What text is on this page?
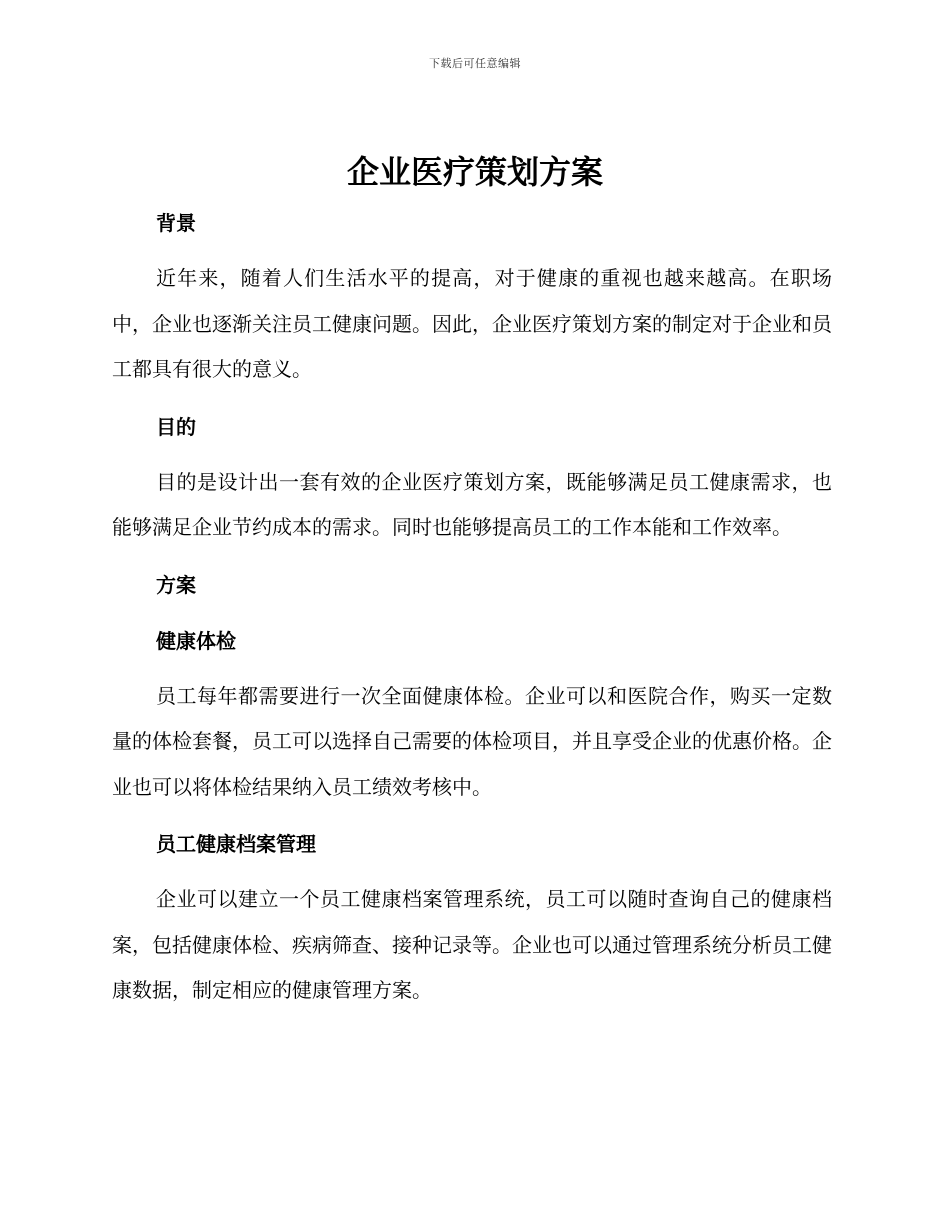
下载后可任意编辑
企业医疗策划方案

背景

近年来，随着人们生活水平的提高，对于健康的重视也越来越高。在职场中，企业也逐渐关注员工健康问题。因此，企业医疗策划方案的制定对于企业和员工都具有很大的意义。

目的

目的是设计出一套有效的企业医疗策划方案，既能够满足员工健康需求，也能够满足企业节约成本的需求。同时也能够提高员工的工作本能和工作效率。

方案

健康体检

员工每年都需要进行一次全面健康体检。企业可以和医院合作，购买一定数量的体检套餐，员工可以选择自己需要的体检项目，并且享受企业的优惠价格。企业也可以将体检结果纳入员工绩效考核中。

员工健康档案管理

企业可以建立一个员工健康档案管理系统，员工可以随时查询自己的健康档案，包括健康体检、疾病筛查、接种记录等。企业也可以通过管理系统分析员工健康数据，制定相应的健康管理方案。
